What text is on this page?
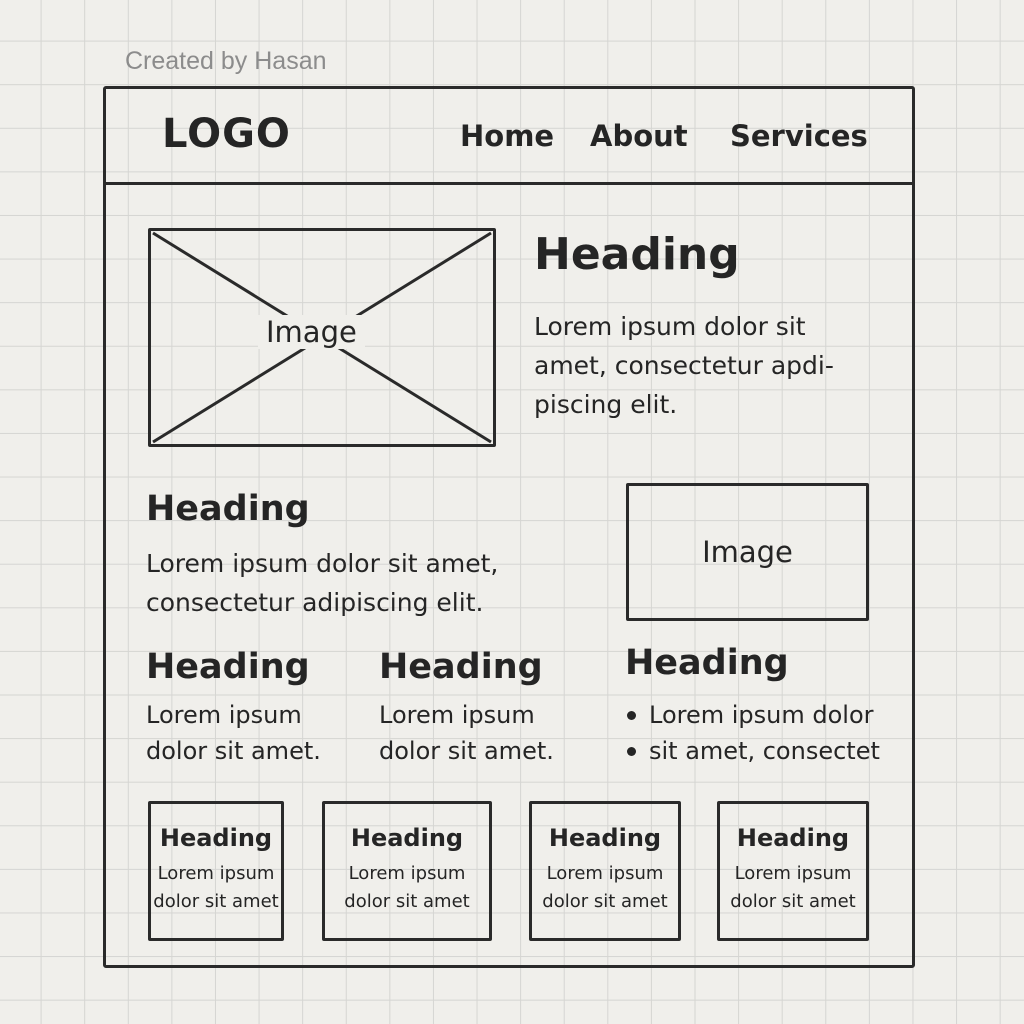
Created by Hasan
LOGO	Home About Services
Image
Heading
Lorem ipsum dolor sit
amet, consectetur apdi-
piscing elit.
Heading
Lorem ipsum dolor sit amet,
consectetur adipiscing elit.
Image
Heading
Lorem ipsum
dolor sit amet.
Heading
Lorem ipsum
dolor sit amet.
Heading
Lorem ipsum dolor
sit amet, consectet
Heading
Lorem ipsum
dolor sit amet
Heading
Lorem ipsum
dolor sit amet
Heading
Lorem ipsum
dolor sit amet
Heading
Lorem ipsum
dolor sit amet
